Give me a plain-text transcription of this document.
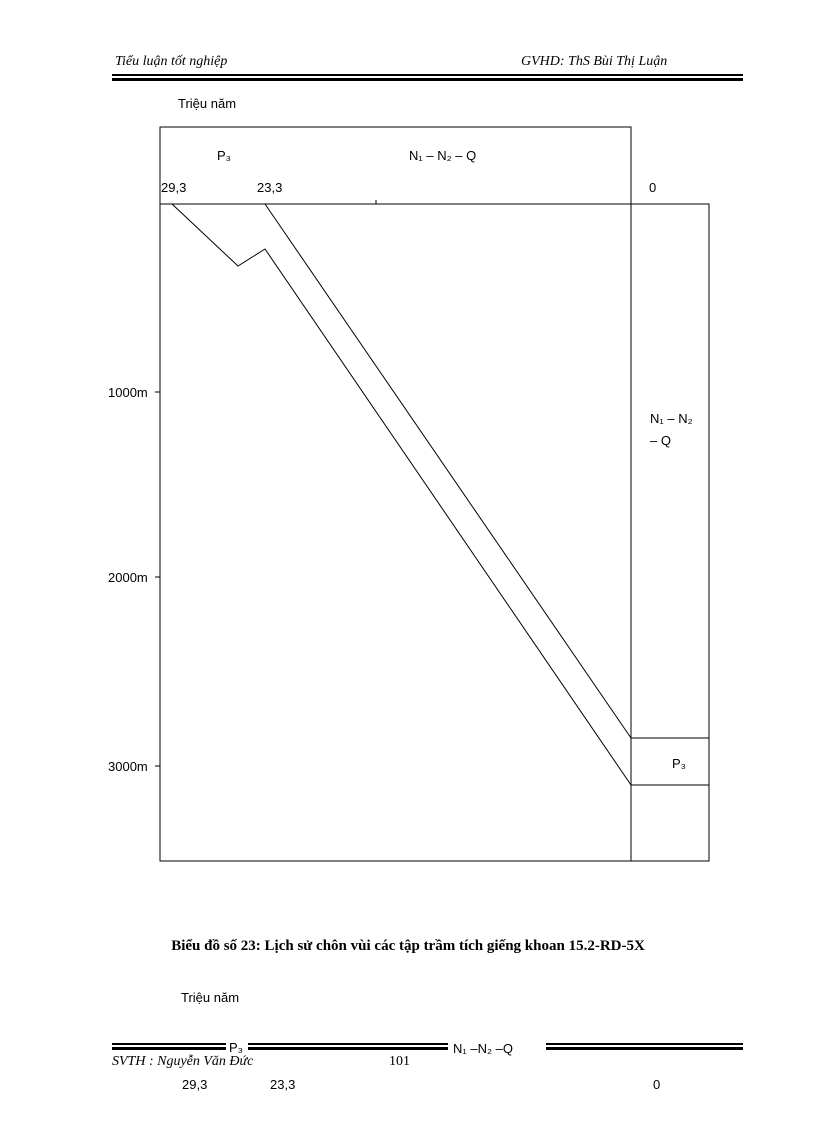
Tiểu luận tốt nghiệp	GVHD: ThS Bùi Thị Luận
Triệu năm
P₃	N₁ – N₂ – Q
29,3	23,3	0
1000m
2000m
3000m
N₁ – N₂
– Q
P₃
Biểu đồ số 23: Lịch sử chôn vùi các tập trầm tích giếng khoan 15.2-RD-5X
Triệu năm
P₃	N₁ –N₂ –Q
SVTH : Nguyễn Văn Đức	101
29,3	23,3	0
